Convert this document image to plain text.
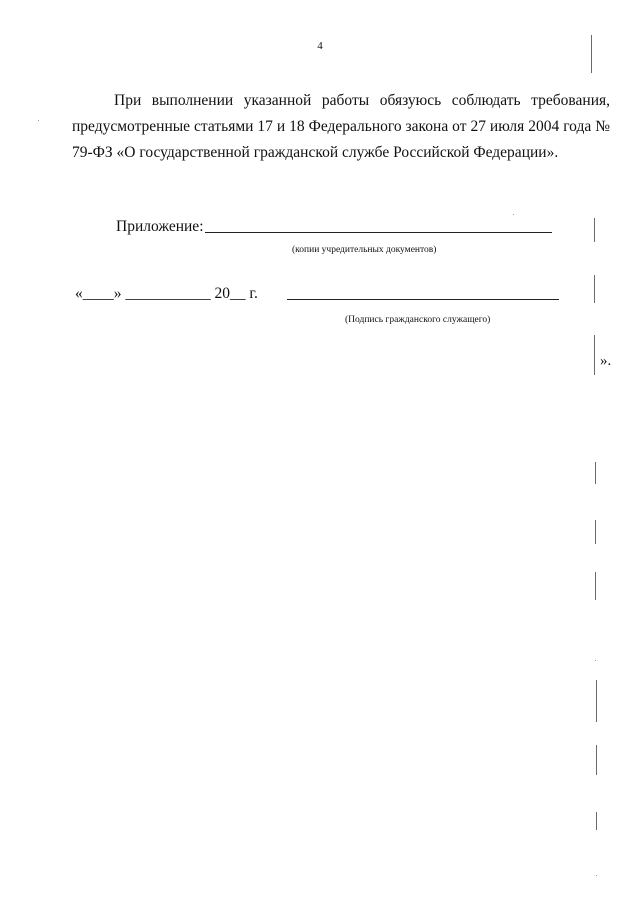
4
При выполнении указанной работы обязуюсь соблюдать требования,
предусмотренные статьями 17 и 18 Федерального закона от 27 июля 2004 года №
79-ФЗ «О государственной гражданской службе Российской Федерации».
Приложение:
(копии учредительных документов)
«____» ___________ 20__ г.
(Подпись гражданского служащего)
».
